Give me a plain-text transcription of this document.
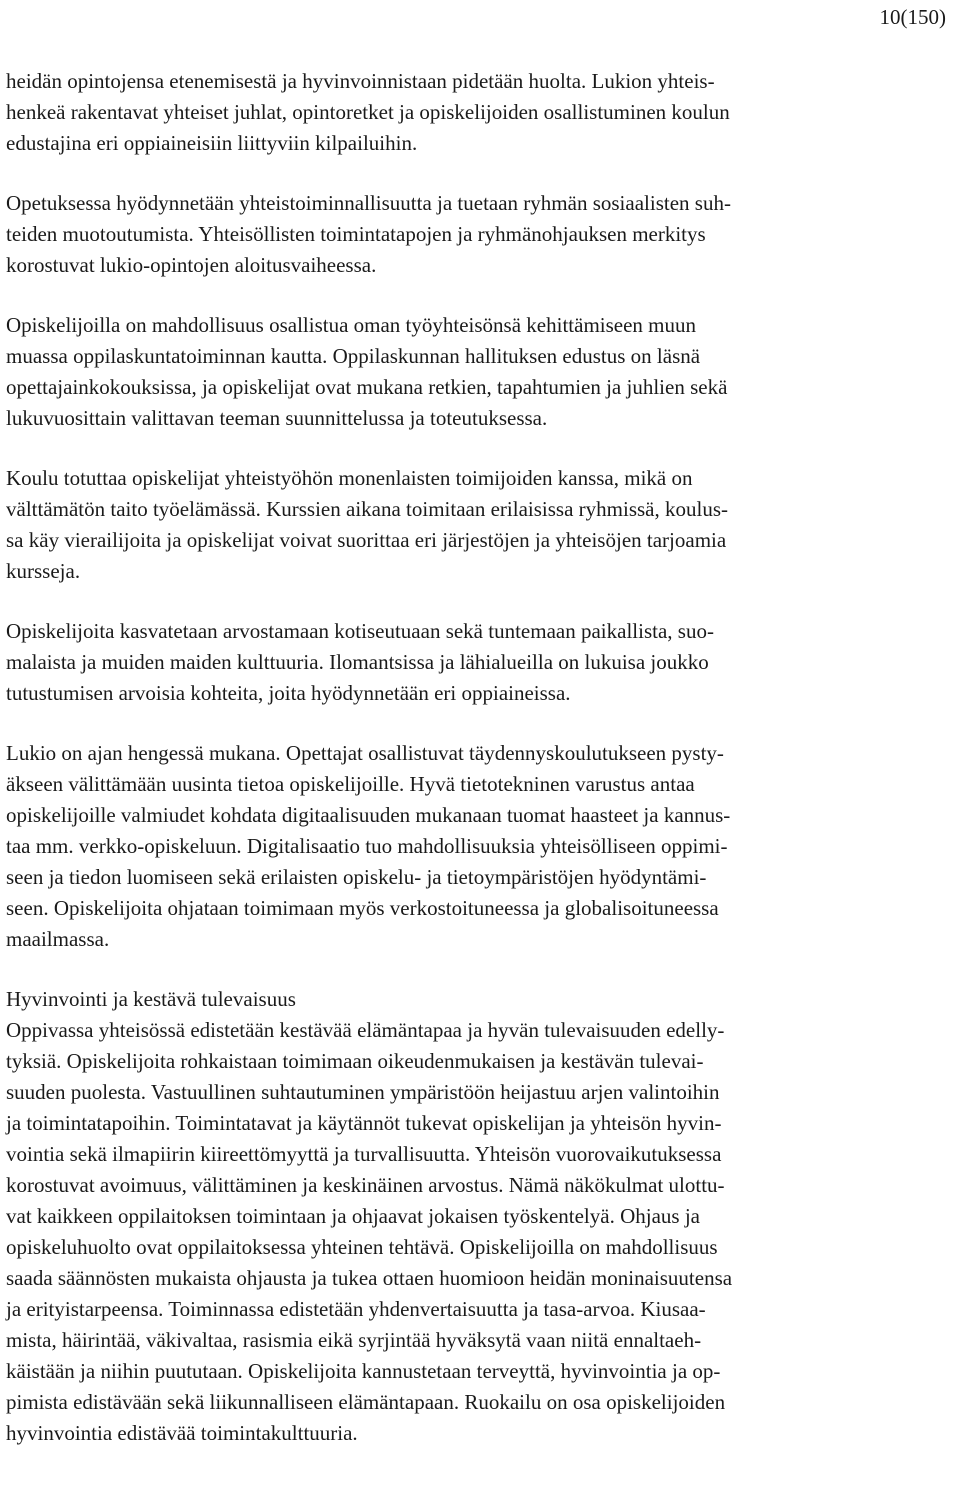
10(150)
heidän opintojensa etenemisestä ja hyvinvoinnistaan pidetään huolta. Lukion yhteis-
henkeä rakentavat yhteiset juhlat, opintoretket ja opiskelijoiden osallistuminen koulun
edustajina eri oppiaineisiin liittyviin kilpailuihin.
Opetuksessa hyödynnetään yhteistoiminnallisuutta ja tuetaan ryhmän sosiaalisten suh-
teiden muotoutumista. Yhteisöllisten toimintatapojen ja ryhmänohjauksen merkitys
korostuvat lukio-opintojen aloitusvaiheessa.
Opiskelijoilla on mahdollisuus osallistua oman työyhteisönsä kehittämiseen muun
muassa oppilaskuntatoiminnan kautta. Oppilaskunnan hallituksen edustus on läsnä
opettajainkokouksissa, ja opiskelijat ovat mukana retkien, tapahtumien ja juhlien sekä
lukuvuosittain valittavan teeman suunnittelussa ja toteutuksessa.
Koulu totuttaa opiskelijat yhteistyöhön monenlaisten toimijoiden kanssa, mikä on
välttämätön taito työelämässä. Kurssien aikana toimitaan erilaisissa ryhmissä, koulus-
sa käy vierailijoita ja opiskelijat voivat suorittaa eri järjestöjen ja yhteisöjen tarjoamia
kursseja.
Opiskelijoita kasvatetaan arvostamaan kotiseutuaan sekä tuntemaan paikallista, suo-
malaista ja muiden maiden kulttuuria. Ilomantsissa ja lähialueilla on lukuisa joukko
tutustumisen arvoisia kohteita, joita hyödynnetään eri oppiaineissa.
Lukio on ajan hengessä mukana. Opettajat osallistuvat täydennyskoulutukseen pysty-
äkseen välittämään uusinta tietoa opiskelijoille. Hyvä tietotekninen varustus antaa
opiskelijoille valmiudet kohdata digitaalisuuden mukanaan tuomat haasteet ja kannus-
taa mm. verkko-opiskeluun. Digitalisaatio tuo mahdollisuuksia yhteisölliseen oppimi-
seen ja tiedon luomiseen sekä erilaisten opiskelu- ja tietoympäristöjen hyödyntämi-
seen. Opiskelijoita ohjataan toimimaan myös verkostoituneessa ja globalisoituneessa
maailmassa.
Hyvinvointi ja kestävä tulevaisuus
Oppivassa yhteisössä edistetään kestävää elämäntapaa ja hyvän tulevaisuuden edelly-
tyksiä. Opiskelijoita rohkaistaan toimimaan oikeudenmukaisen ja kestävän tulevai-
suuden puolesta. Vastuullinen suhtautuminen ympäristöön heijastuu arjen valintoihin
ja toimintatapoihin. Toimintatavat ja käytännöt tukevat opiskelijan ja yhteisön hyvin-
vointia sekä ilmapiirin kiireettömyyttä ja turvallisuutta. Yhteisön vuorovaikutuksessa
korostuvat avoimuus, välittäminen ja keskinäinen arvostus. Nämä näkökulmat ulottu-
vat kaikkeen oppilaitoksen toimintaan ja ohjaavat jokaisen työskentelyä. Ohjaus ja
opiskeluhuolto ovat oppilaitoksessa yhteinen tehtävä. Opiskelijoilla on mahdollisuus
saada säännösten mukaista ohjausta ja tukea ottaen huomioon heidän moninaisuutensa
ja erityistarpeensa. Toiminnassa edistetään yhdenvertaisuutta ja tasa-arvoa. Kiusaa-
mista, häirintää, väkivaltaa, rasismia eikä syrjintää hyväksytä vaan niitä ennaltaeh-
käistään ja niihin puututaan. Opiskelijoita kannustetaan terveyttä, hyvinvointia ja op-
pimista edistävään sekä liikunnalliseen elämäntapaan. Ruokailu on osa opiskelijoiden
hyvinvointia edistävää toimintakulttuuria.
